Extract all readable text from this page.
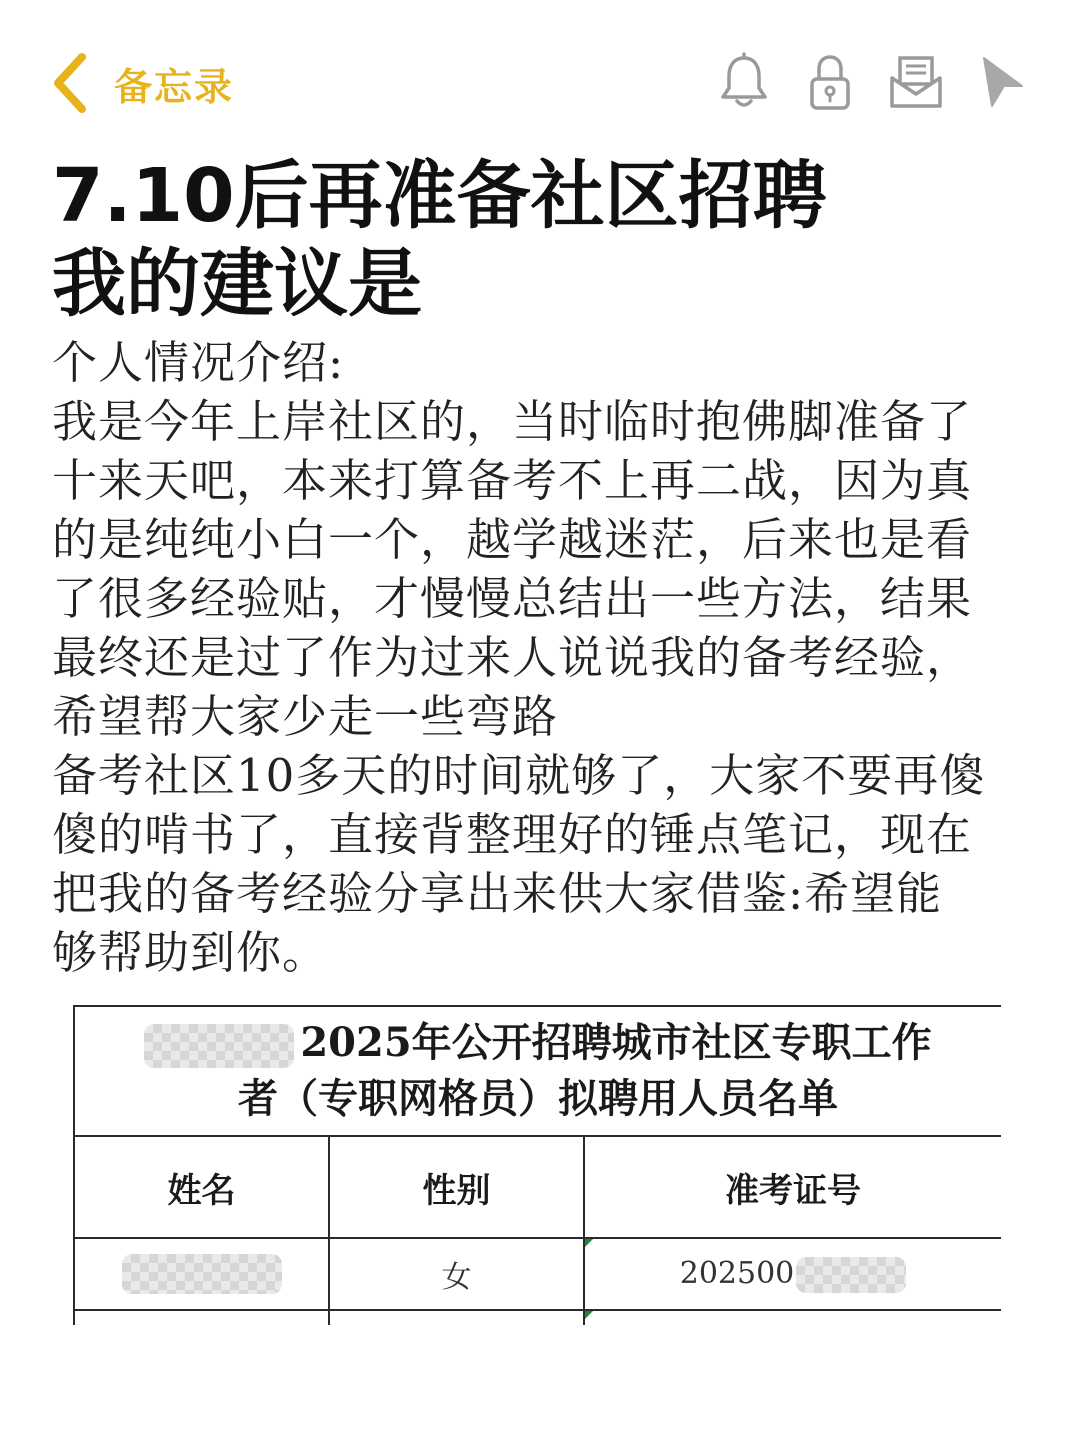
备忘录
7.10后再准备社区招聘
我的建议是

个人情况介绍:

我是今年上岸社区的，当时临时抱佛脚准备了

十来天吧，本来打算备考不上再二战，因为真

的是纯纯小白一个，越学越迷茫，后来也是看

了很多经验贴，才慢慢总结出一些方法，结果

最终还是过了作为过来人说说我的备考经验，

希望帮大家少走一些弯路

备考社区10多天的时间就够了，大家不要再傻

傻的啃书了，直接背整理好的锤点笔记，现在

把我的备考经验分享出来供大家借鉴:希望能

够帮助到你。

2025年公开招聘城市社区专职工作
者（专职网格员）拟聘用人员名单		

姓名	性别	准考证号
	女	202500
